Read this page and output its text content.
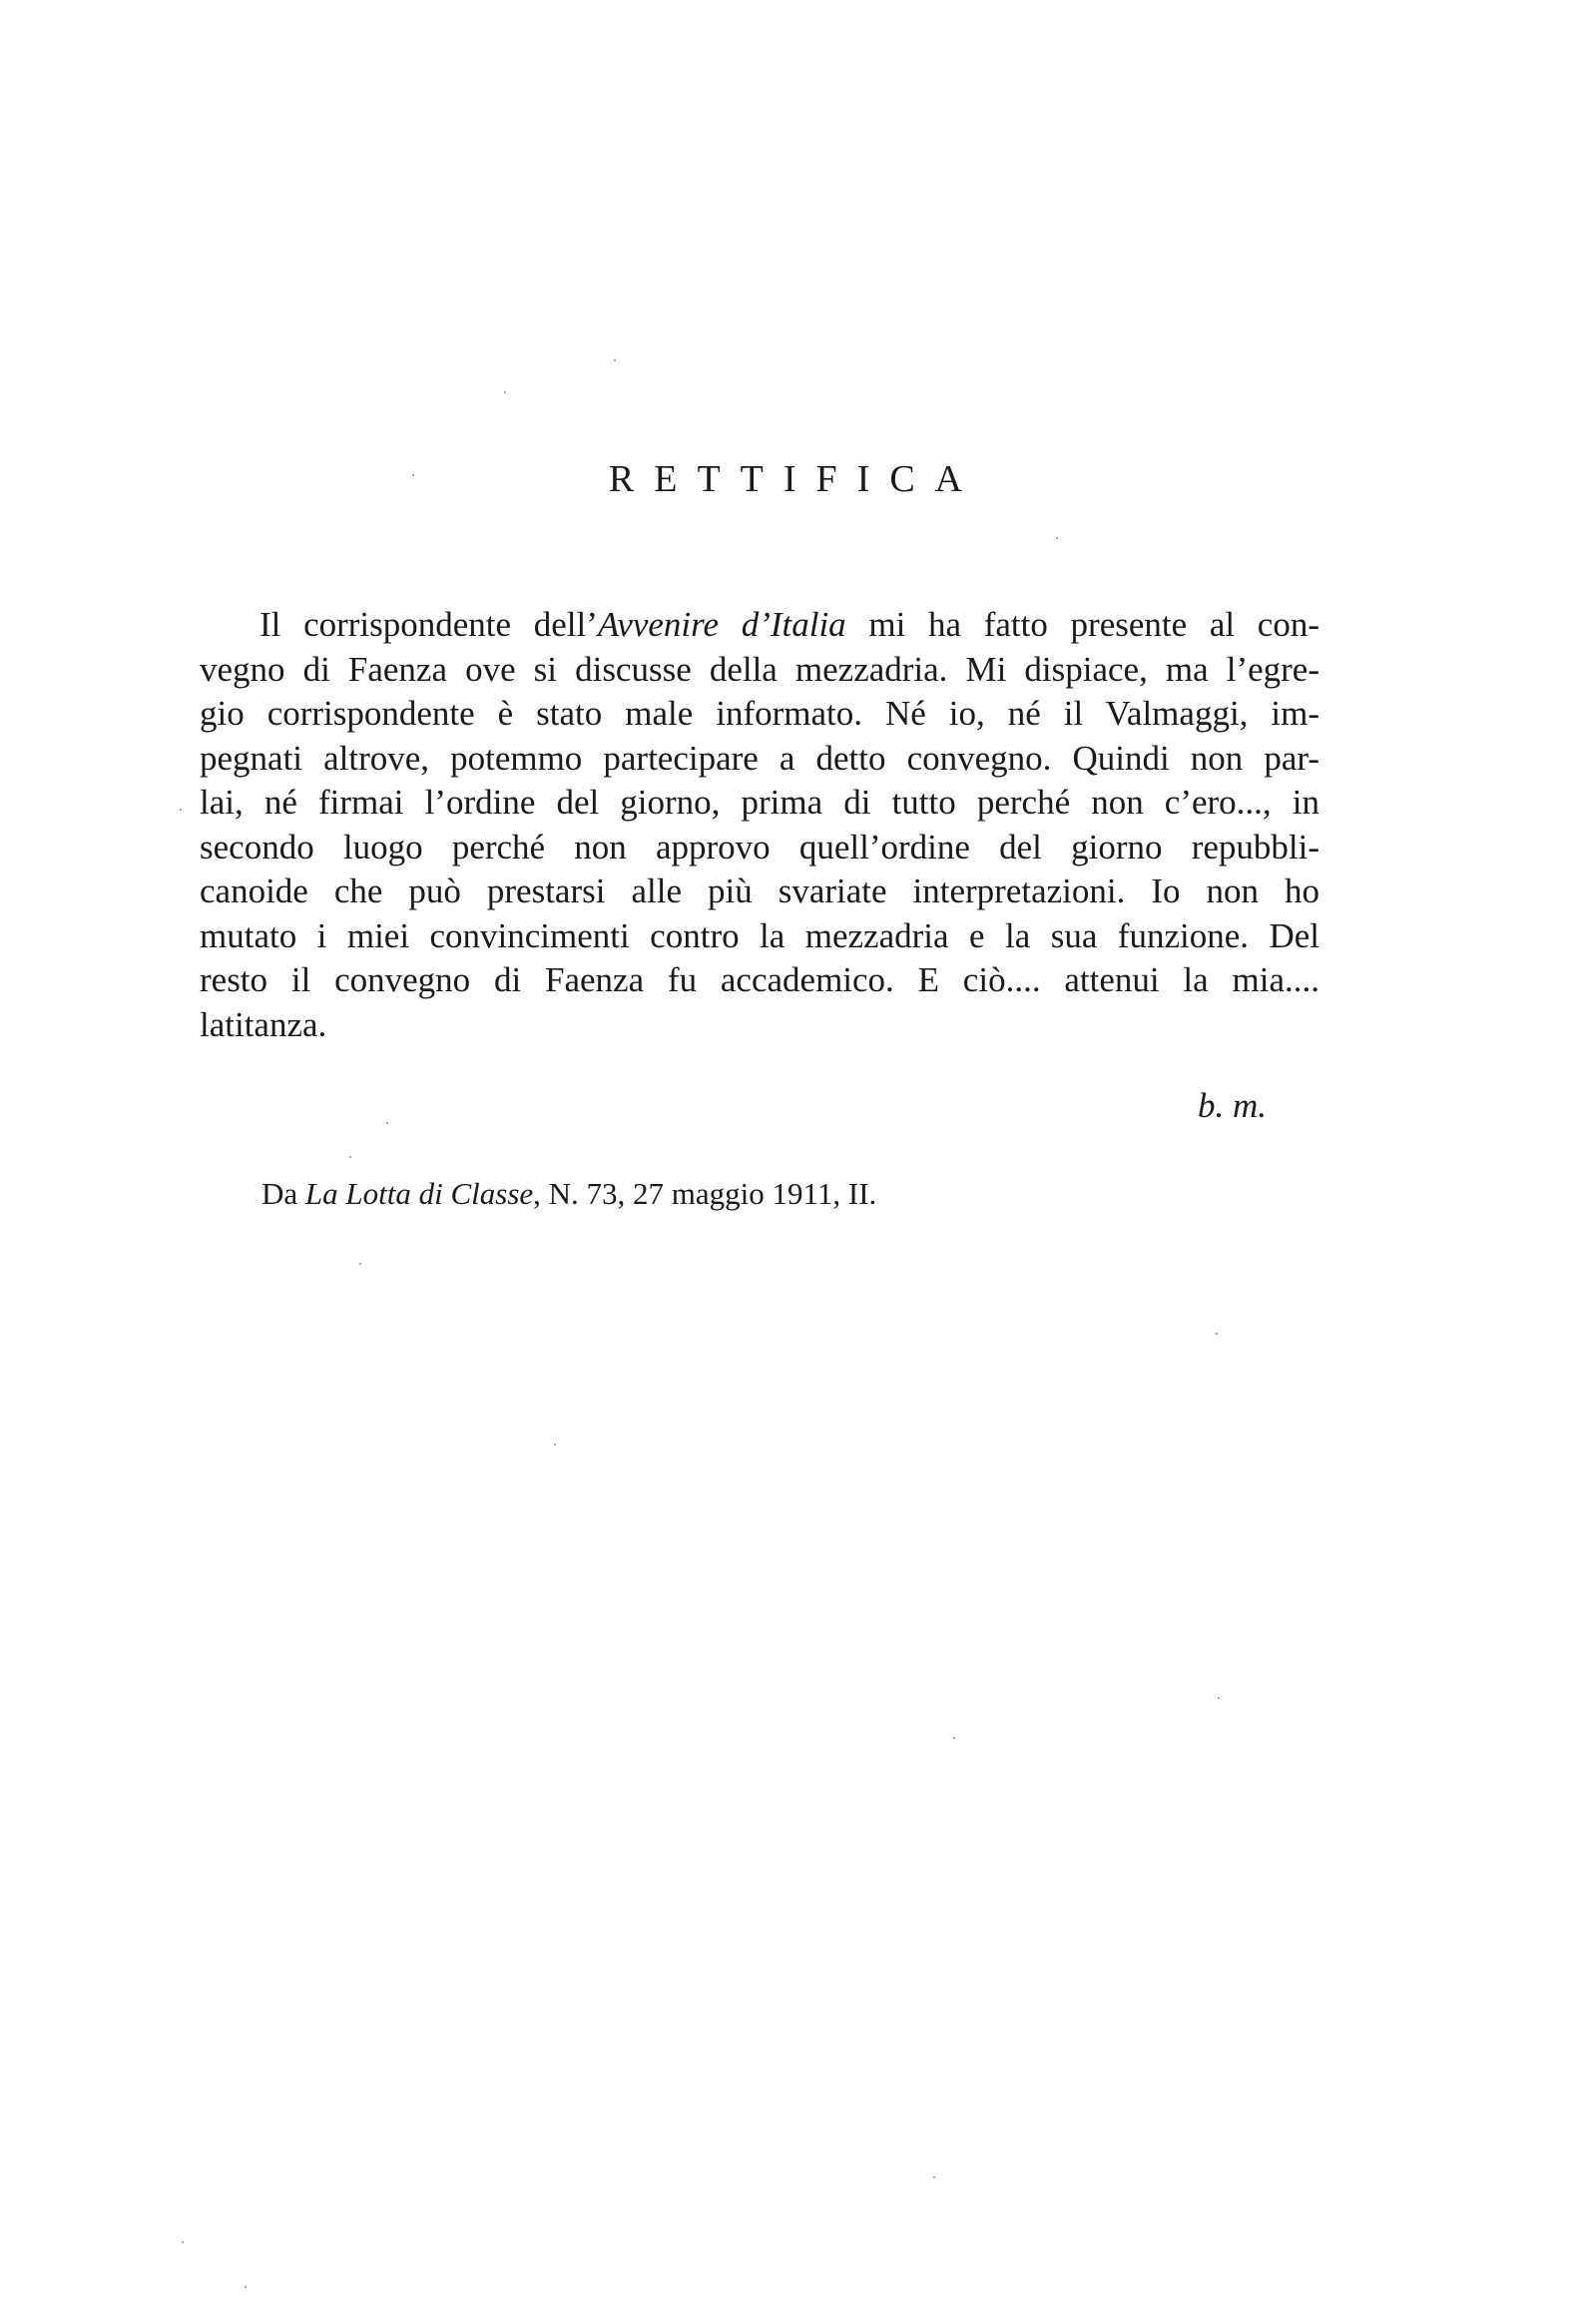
RETTIFICA
Il corrispondente dell’Avvenire d’Italia mi ha fatto presente al con-
vegno di Faenza ove si discusse della mezzadria. Mi dispiace, ma l’egre-
gio corrispondente è stato male informato. Né io, né il Valmaggi, im-
pegnati altrove, potemmo partecipare a detto convegno. Quindi non par-
lai, né firmai l’ordine del giorno, prima di tutto perché non c’ero..., in
secondo luogo perché non approvo quell’ordine del giorno repubbli-
canoide che può prestarsi alle più svariate interpretazioni. Io non ho
mutato i miei convincimenti contro la mezzadria e la sua funzione. Del
resto il convegno di Faenza fu accademico. E ciò.... attenui la mia....
latitanza.
b. m.
Da La Lotta di Classe, N. 73, 27 maggio 1911, II.
